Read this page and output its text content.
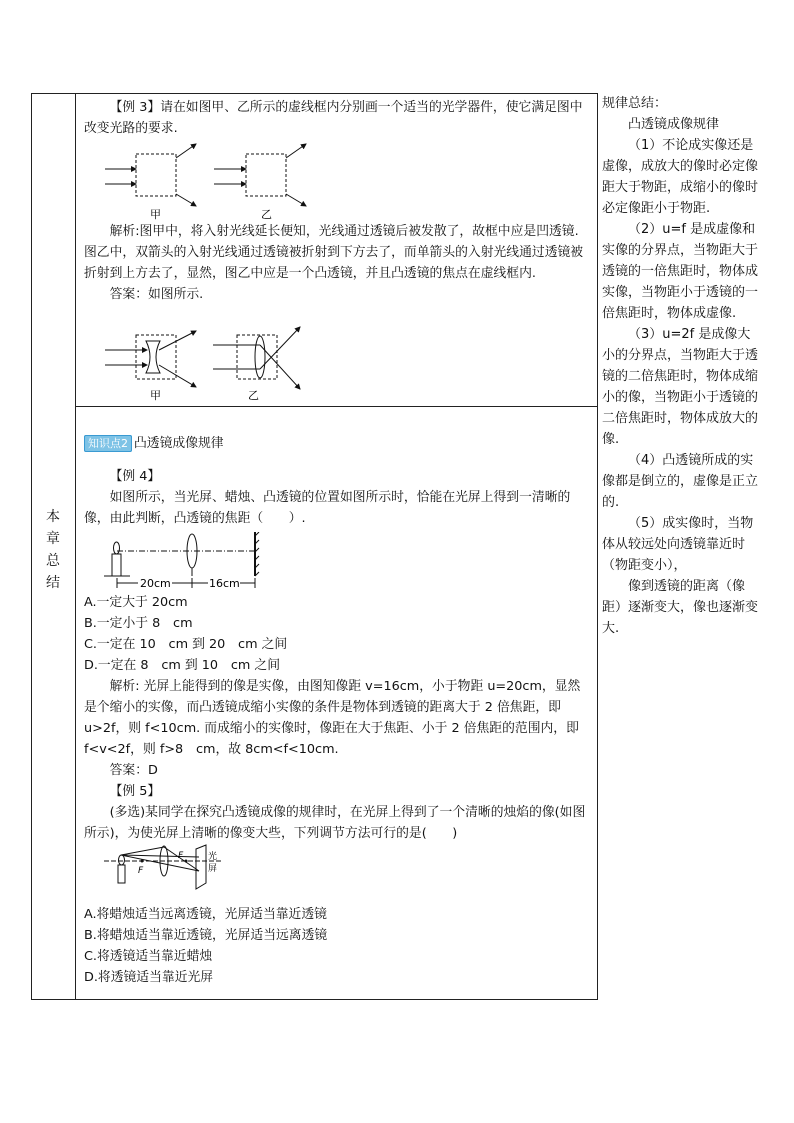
本
章
总
结

【例 3】请在如图甲、乙所示的虚线框内分别画一个适当的光学器件，使它满足图中改变光路的要求.

甲	乙

解析:图甲中，将入射光线延长便知，光线通过透镜后被发散了，故框中应是凹透镜. 图乙中，双箭头的入射光线通过透镜被折射到下方去了，而单箭头的入射光线通过透镜被折射到上方去了，显然，图乙中应是一个凸透镜，并且凸透镜的焦点在虚线框内.

答案：如图所示.

甲	乙
知识点2 凸透镜成像规律

【例 4】

如图所示，当光屏、蜡烛、凸透镜的位置如图所示时，恰能在光屏上得到一清晰的像，由此判断，凸透镜的焦距（　　）.

20cm	16cm

A.一定大于 20cm

B.一定小于 8　cm

C.一定在 10　cm 到 20　cm 之间

D.一定在 8　cm 到 10　cm 之间

解析: 光屏上能得到的像是实像，由图知像距 v=16cm，小于物距 u=20cm，显然是个缩小的实像，而凸透镜成缩小实像的条件是物体到透镜的距离大于 2 倍焦距，即 u>2f，则 f<10cm. 而成缩小的实像时，像距在大于焦距、小于 2 倍焦距的范围内，即 f<v<2f，则 f>8　cm，故 8cm<f<10cm.

答案：D

【例 5】

(多选)某同学在探究凸透镜成像的规律时，在光屏上得到了一个清晰的烛焰的像(如图所示)，为使光屏上清晰的像变大些，下列调节方法可行的是(　　)

F
F	光
屏

A.将蜡烛适当远离透镜，光屏适当靠近透镜

B.将蜡烛适当靠近透镜，光屏适当远离透镜

C.将透镜适当靠近蜡烛

D.将透镜适当靠近光屏

规律总结：

凸透镜成像规律

（1）不论成实像还是虚像，成放大的像时必定像距大于物距，成缩小的像时必定像距小于物距.

（2）u=f 是成虚像和实像的分界点，当物距大于透镜的一倍焦距时，物体成实像，当物距小于透镜的一倍焦距时，物体成虚像.

（3）u=2f 是成像大小的分界点，当物距大于透镜的二倍焦距时，物体成缩小的像，当物距小于透镜的二倍焦距时，物体成放大的像.

（4）凸透镜所成的实像都是倒立的，虚像是正立的.

（5）成实像时，当物体从较远处向透镜靠近时（物距变小），

像到透镜的距离（像距）逐渐变大，像也逐渐变大.
